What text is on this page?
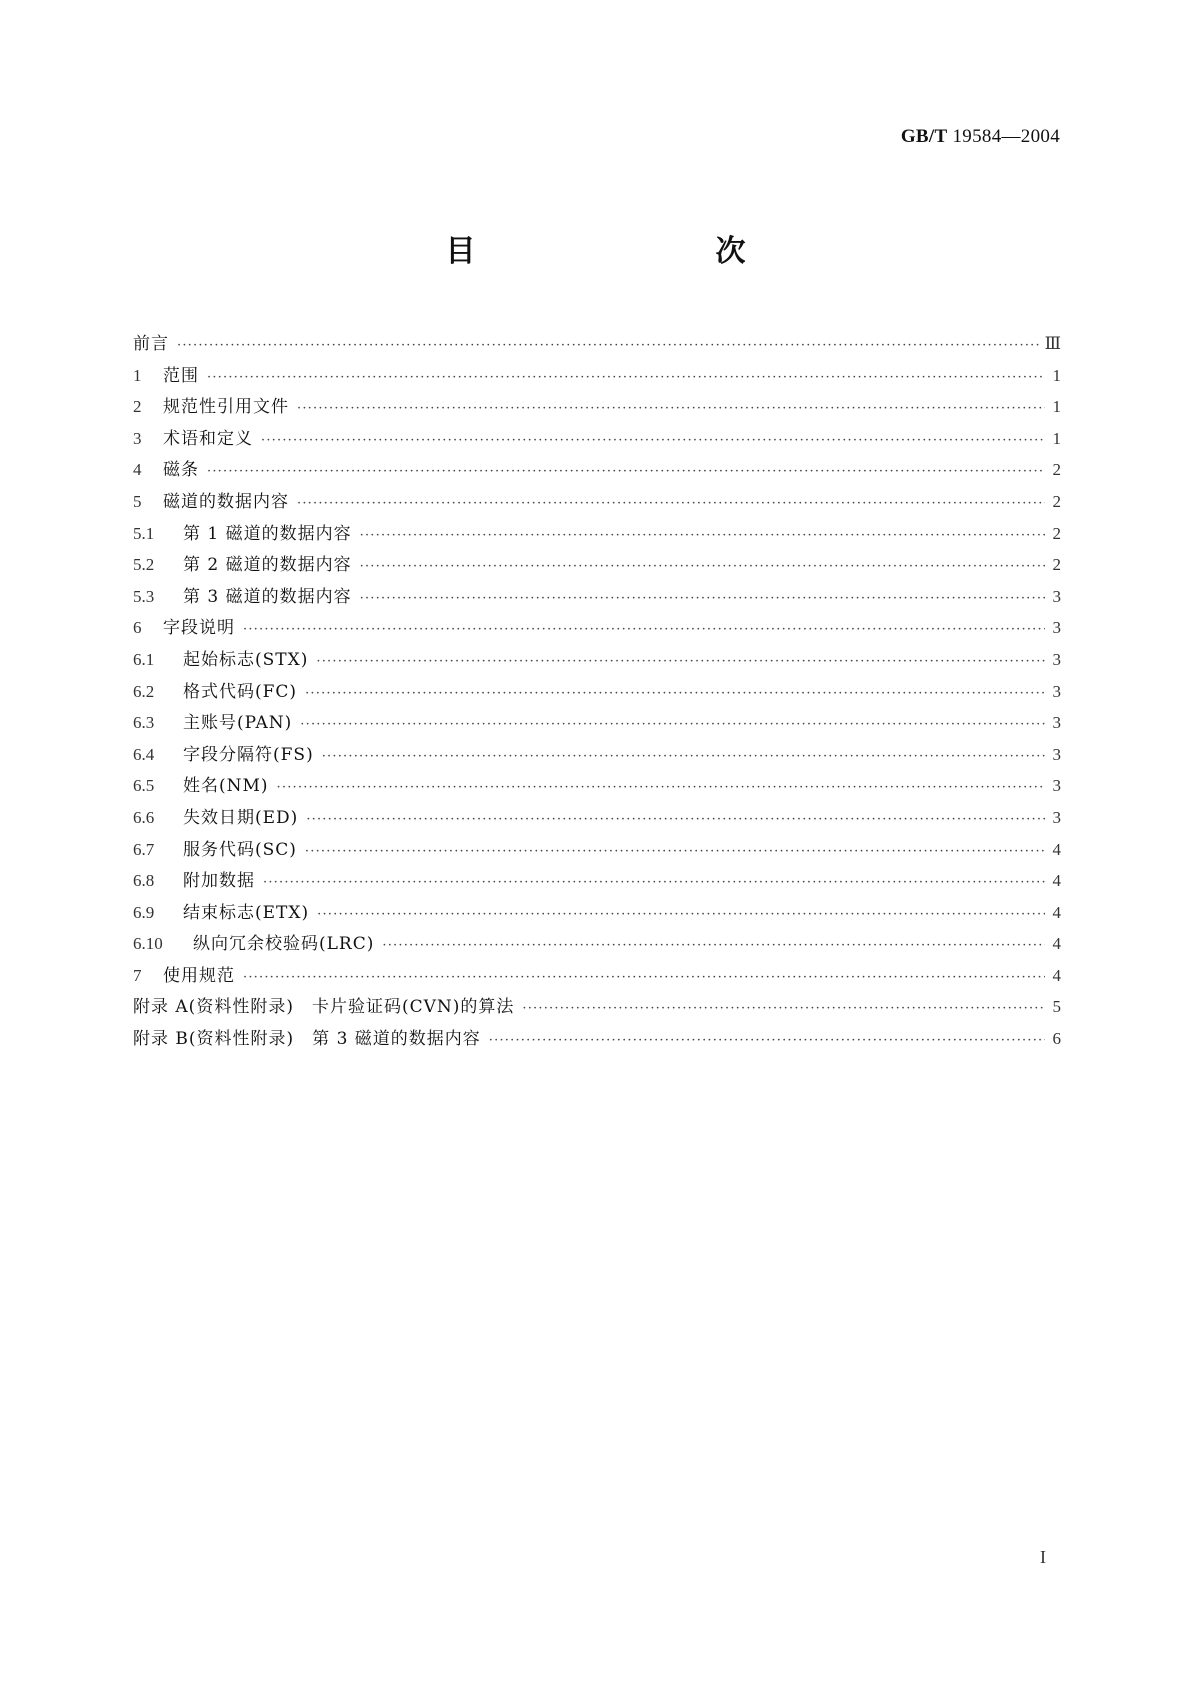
GB/T 19584—2004
目　　次
前言 ·····	Ⅲ
1	范围 ·····	1
2	规范性引用文件 ·····	1
3	术语和定义 ·····	1
4	磁条 ·····	2
5	磁道的数据内容 ·····	2
5.1	第 1 磁道的数据内容 ·····	2
5.2	第 2 磁道的数据内容 ·····	2
5.3	第 3 磁道的数据内容 ·····	3
6	字段说明 ·····	3
6.1	起始标志(STX) ·····	3
6.2	格式代码(FC) ·····	3
6.3	主账号(PAN) ·····	3
6.4	字段分隔符(FS) ·····	3
6.5	姓名(NM) ·····	3
6.6	失效日期(ED) ·····	3
6.7	服务代码(SC) ·····	4
6.8	附加数据 ·····	4
6.9	结束标志(ETX) ·····	4
6.10	纵向冗余校验码(LRC) ·····	4
7	使用规范 ·····	4
附录 A(资料性附录)　卡片验证码(CVN)的算法 ·····	5
附录 B(资料性附录)　第 3 磁道的数据内容 ·····	6
I
